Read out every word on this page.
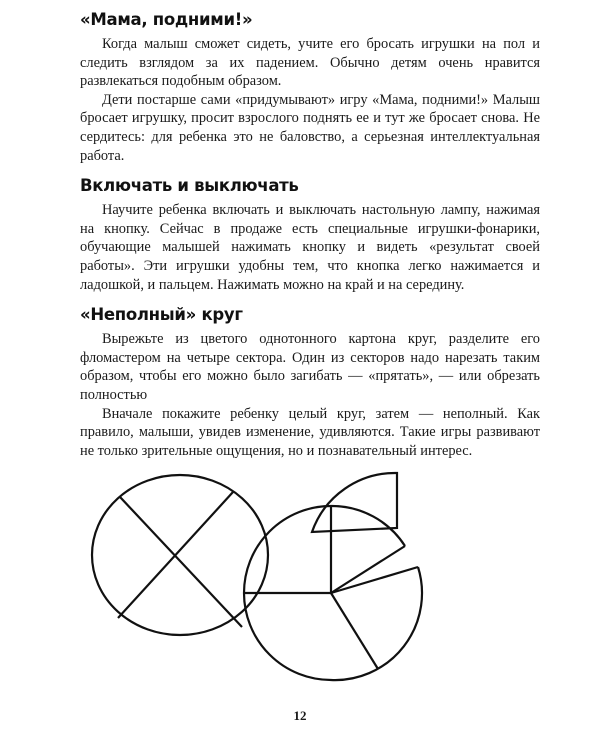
«Мама, подними!»

Когда малыш сможет сидеть, учите его бросать игрушки на пол и следить взглядом за их падением. Обычно детям очень нравится развлекаться подобным образом.

Дети постарше сами «придумывают» игру «Мама, подними!» Малыш бросает игрушку, просит взрослого поднять ее и тут же бросает снова. Не сердитесь: для ребенка это не баловство, а серьезная интеллектуальная работа.

Включать и выключать

Научите ребенка включать и выключать настольную лампу, нажимая на кнопку. Сейчас в продаже есть специальные игрушки-фонарики, обучающие малышей нажимать кнопку и видеть «результат своей работы». Эти игрушки удобны тем, что кнопка легко нажимается и ладошкой, и пальцем. Нажимать можно на край и на середину.

«Неполный» круг

Вырежьте из цветого однотонного картона круг, разделите его фломастером на четыре сектора. Один из секторов надо нарезать таким образом, чтобы его можно было загибать — «прятать», — или обрезать полностью

Вначале покажите ребенку целый круг, затем — неполный. Как правило, малыши, увидев изменение, удивляются. Такие игры развивают не только зрительные ощущения, но и познавательный интерес.

12
